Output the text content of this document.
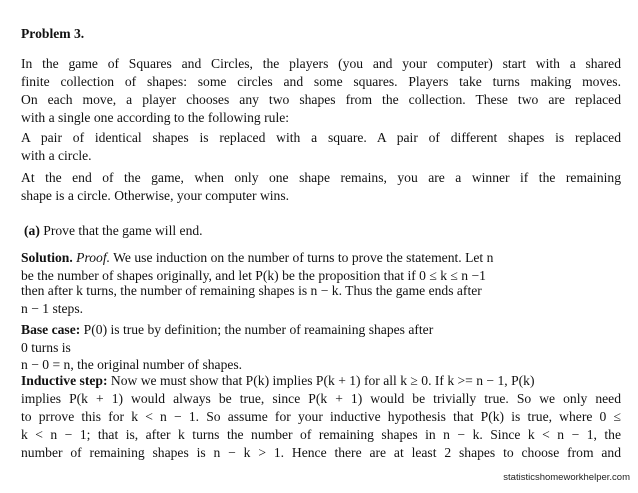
Problem 3.
In the game of Squares and Circles, the players (you and your computer) start with a shared
finite collection of shapes: some circles and some squares. Players take turns making moves.
On each move, a player chooses any two shapes from the collection. These two are replaced
with a single one according to the following rule:
A pair of identical shapes is replaced with a square. A pair of different shapes is replaced
with a circle.
At the end of the game, when only one shape remains, you are a winner if the remaining
shape is a circle. Otherwise, your computer wins.
(a) Prove that the game will end.
Solution. Proof. We use induction on the number of turns to prove the statement. Let n
be the number of shapes originally, and let P(k) be the proposition that if 0 ≤ k ≤ n −1
then after k turns, the number of remaining shapes is n − k. Thus the game ends after
n − 1 steps.
Base case: P(0) is true by definition; the number of reamaining shapes after
0 turns is
n − 0 = n, the original number of shapes.
Inductive step: Now we must show that P(k) implies P(k + 1) for all k ≥ 0. If k >= n − 1, P(k)
implies P(k + 1) would always be true, since P(k + 1) would be trivially true. So we only need
to prrove this for k < n − 1. So assume for your inductive hypothesis that P(k) is true, where 0 ≤
k < n − 1; that is, after k turns the number of remaining shapes in n − k. Since k < n − 1, the
number of remaining shapes is n − k > 1. Hence there are at least 2 shapes to choose from and
statisticshomeworkhelper.com
